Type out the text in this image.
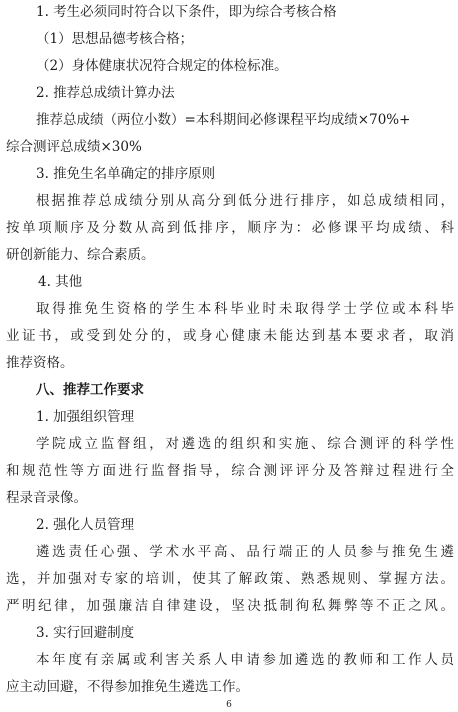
1. 考生必须同时符合以下条件，即为综合考核合格
（1）思想品德考核合格；
（2）身体健康状况符合规定的体检标准。
2. 推荐总成绩计算办法
推荐总成绩（两位小数）=本科期间必修课程平均成绩×70%+
综合测评总成绩×30%
3. 推免生名单确定的排序原则
根据推荐总成绩分别从高分到低分进行排序，如总成绩相同，
按单项顺序及分数从高到低排序，顺序为：必修课平均成绩、科
研创新能力、综合素质。
4. 其他
取得推免生资格的学生本科毕业时未取得学士学位或本科毕
业证书，或受到处分的，或身心健康未能达到基本要求者，取消
推荐资格。
八、推荐工作要求
1. 加强组织管理
学院成立监督组，对遴选的组织和实施、综合测评的科学性
和规范性等方面进行监督指导，综合测评评分及答辩过程进行全
程录音录像。
2. 强化人员管理
遴选责任心强、学术水平高、品行端正的人员参与推免生遴
选，并加强对专家的培训，使其了解政策、熟悉规则、掌握方法。
严明纪律，加强廉洁自律建设，坚决抵制徇私舞弊等不正之风。
3. 实行回避制度
本年度有亲属或利害关系人申请参加遴选的教师和工作人员
应主动回避，不得参加推免生遴选工作。
6
